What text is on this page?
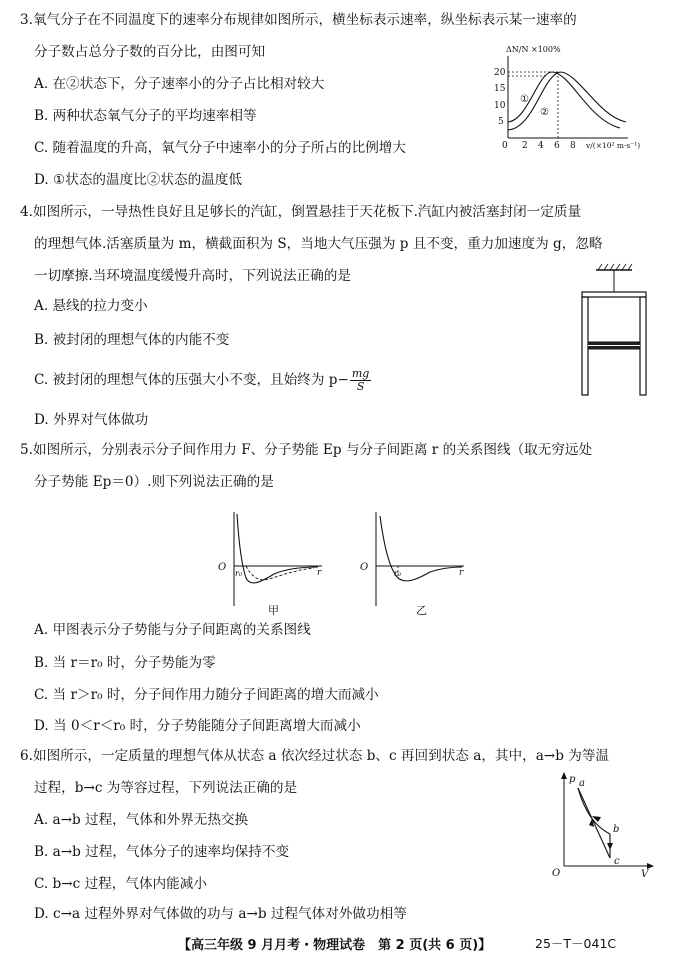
3.氧气分子在不同温度下的速率分布规律如图所示，横坐标表示速率，纵坐标表示某一速率的
分子数占总分子数的百分比，由图可知
A. 在②状态下，分子速率小的分子占比相对较大
B. 两种状态氧气分子的平均速率相等
C. 随着温度的升高，氧气分子中速率小的分子所占的比例增大
D. ①状态的温度比②状态的温度低
ΔN/N ×100%
20
15
10
5
0 2 4 6 8 v/(×10² m·s⁻¹)
①
②
4.如图所示，一导热性良好且足够长的汽缸，倒置悬挂于天花板下.汽缸内被活塞封闭一定质量
的理想气体.活塞质量为 m，横截面积为 S，当地大气压强为 p 且不变，重力加速度为 g，忽略
一切摩擦.当环境温度缓慢升高时，下列说法正确的是
A. 悬线的拉力变小
B. 被封闭的理想气体的内能不变
C. 被封闭的理想气体的压强大小不变，且始终为 $p- \frac{mg}{S}$
D. 外界对气体做功
5.如图所示，分别表示分子间作用力 F、分子势能 Ep 与分子间距离 r 的关系图线（取无穷远处
分子势能 Ep＝0）.则下列说法正确的是
O	r
r₀
甲
O	r
r₀
乙
A. 甲图表示分子势能与分子间距离的关系图线
B. 当 r＝r₀ 时，分子势能为零
C. 当 r＞r₀ 时，分子间作用力随分子间距离的增大而减小
D. 当 0＜r＜r₀ 时，分子势能随分子间距离增大而减小
6.如图所示，一定质量的理想气体从状态 a 依次经过状态 b、c 再回到状态 a，其中，a→b 为等温
过程，b→c 为等容过程，下列说法正确的是
A. a→b 过程，气体和外界无热交换
B. a→b 过程，气体分子的速率均保持不变
C. b→c 过程，气体内能减小
D. c→a 过程外界对气体做的功与 a→b 过程气体对外做功相等
p
V
O
a
b
c
【高三年级 9 月月考・物理试卷　第 2 页(共 6 页)】	25－T－041C
